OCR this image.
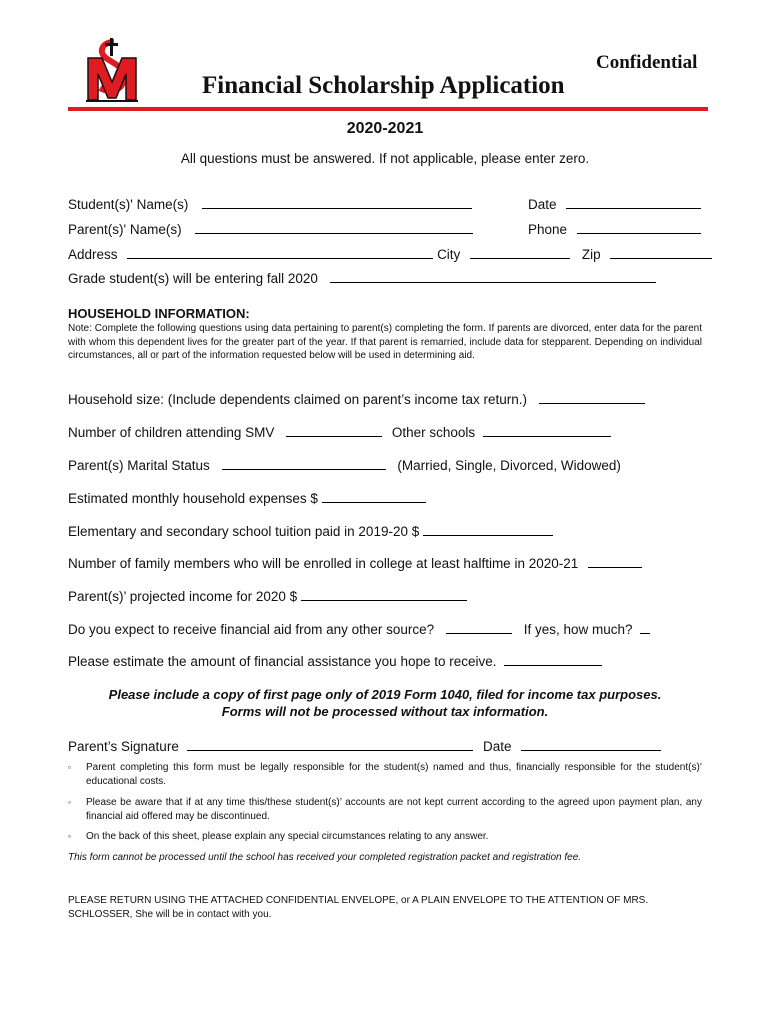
Confidential
Financial Scholarship Application
2020-2021
All questions must be answered. If not applicable, please enter zero.
Student(s)' Name(s)	Date
Parent(s)' Name(s)	Phone
Address	City	Zip
Grade student(s) will be entering fall 2020
HOUSEHOLD INFORMATION:
Note: Complete the following questions using data pertaining to parent(s) completing the form. If parents are divorced, enter data for the parent with whom this dependent lives for the greater part of the year. If that parent is remarried, include data for stepparent. Depending on individual circumstances, all or part of the information requested below will be used in determining aid.
Household size: (Include dependents claimed on parent’s income tax return.)
Number of children attending SMV	Other schools
Parent(s) Marital Status	(Married, Single, Divorced, Widowed)
Estimated monthly household expenses $
Elementary and secondary school tuition paid in 2019-20 $
Number of family members who will be enrolled in college at least halftime in 2020-21
Parent(s)’ projected income for 2020 $
Do you expect to receive financial aid from any other source?	If yes, how much?
Please estimate the amount of financial assistance you hope to receive.
Please include a copy of first page only of 2019 Form 1040, filed for income tax purposes.
Forms will not be processed without tax information.
Parent’s Signature	Date
▫ Parent completing this form must be legally responsible for the student(s) named and thus, financially responsible for the student(s)’ educational costs.
▫ Please be aware that if at any time this/these student(s)’ accounts are not kept current according to the agreed upon payment plan, any financial aid offered may be discontinued.
▫ On the back of this sheet, please explain any special circumstances relating to any answer.
This form cannot be processed until the school has received your completed registration packet and registration fee.
PLEASE RETURN USING THE ATTACHED CONFIDENTIAL ENVELOPE, or A PLAIN ENVELOPE TO THE ATTENTION OF MRS. SCHLOSSER, She will be in contact with you.
